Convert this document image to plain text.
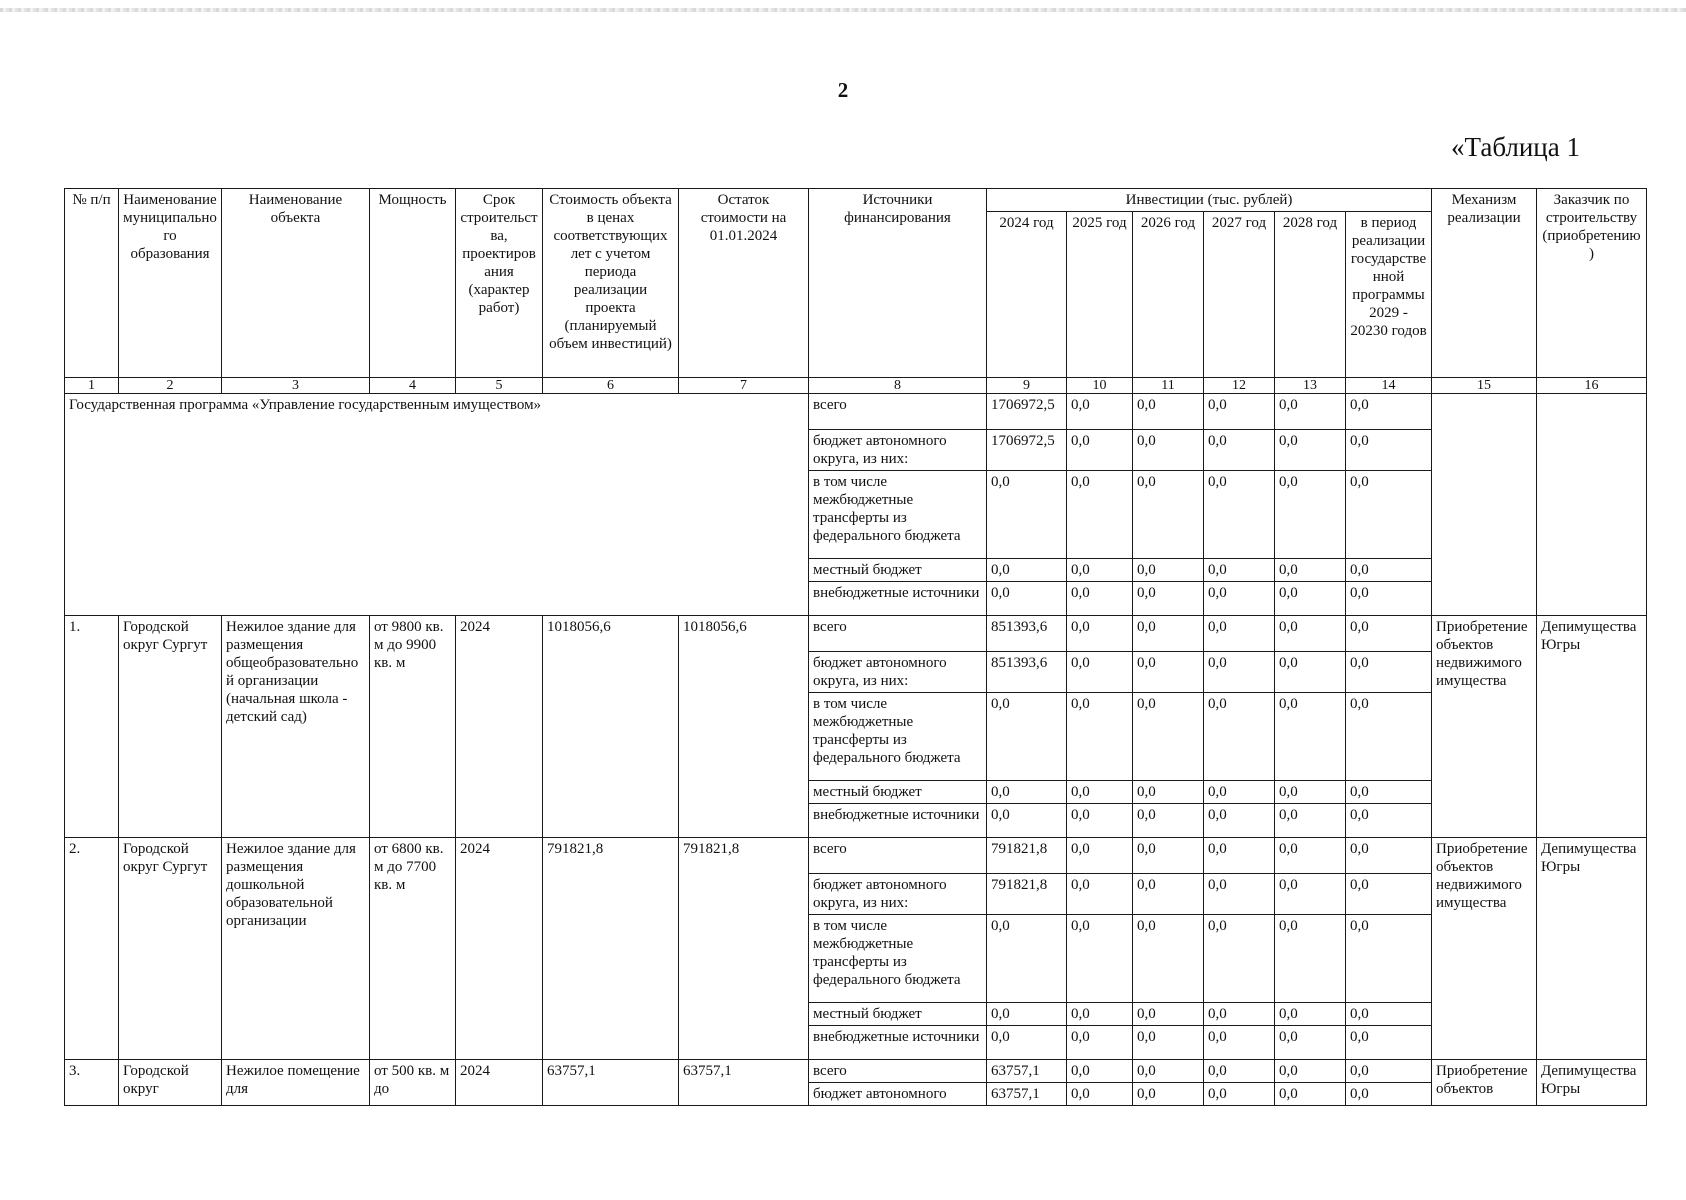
2
«Таблица 1
№ п/п	Наименование муниципального образования	Наименование объекта	Мощность	Срок строительства, проектирования (характер работ)	Стоимость объекта в ценах соответствующих лет с учетом периода реализации проекта (планируемый объем инвестиций)	Остаток стоимости на 01.01.2024	Источники финансирования	Инвестиции (тыс. рублей)						Механизм реализации	Заказчик по строительству (приобретению)
								2024 год	2025 год	2026 год	2027 год	2028 год	в период реализации государственной программы 2029 - 20230 годов		
1	2	3	4	5	6	7	8	9	10	11	12	13	14	15	16
Государственная программа «Управление государственным имуществом»							всего	1706972,5	0,0	0,0	0,0	0,0	0,0		
							бюджет автономного округа, из них:	1706972,5	0,0	0,0	0,0	0,0	0,0		
							в том числе межбюджетные трансферты из федерального бюджета	0,0	0,0	0,0	0,0	0,0	0,0		
							местный бюджет	0,0	0,0	0,0	0,0	0,0	0,0		
							внебюджетные источники	0,0	0,0	0,0	0,0	0,0	0,0		
1.	Городской округ Сургут	Нежилое здание для размещения общеобразовательной организации (начальная школа - детский сад)	от 9800 кв. м до 9900 кв. м	2024	1018056,6	1018056,6	всего	851393,6	0,0	0,0	0,0	0,0	0,0	Приобретение объектов недвижимого имущества	Депимущества Югры
							бюджет автономного округа, из них:	851393,6	0,0	0,0	0,0	0,0	0,0		
							в том числе межбюджетные трансферты из федерального бюджета	0,0	0,0	0,0	0,0	0,0	0,0		
							местный бюджет	0,0	0,0	0,0	0,0	0,0	0,0		
							внебюджетные источники	0,0	0,0	0,0	0,0	0,0	0,0		
2.	Городской округ Сургут	Нежилое здание для размещения дошкольной образовательной организации	от 6800 кв. м до 7700 кв. м	2024	791821,8	791821,8	всего	791821,8	0,0	0,0	0,0	0,0	0,0	Приобретение объектов недвижимого имущества	Депимущества Югры
							бюджет автономного округа, из них:	791821,8	0,0	0,0	0,0	0,0	0,0		
							в том числе межбюджетные трансферты из федерального бюджета	0,0	0,0	0,0	0,0	0,0	0,0		
							местный бюджет	0,0	0,0	0,0	0,0	0,0	0,0		
							внебюджетные источники	0,0	0,0	0,0	0,0	0,0	0,0		
3.	Городской округ	Нежилое помещение для	от 500 кв. м до	2024	63757,1	63757,1	всего	63757,1	0,0	0,0	0,0	0,0	0,0	Приобретение объектов	Депимущества Югры
							бюджет автономного	63757,1	0,0	0,0	0,0	0,0	0,0		
